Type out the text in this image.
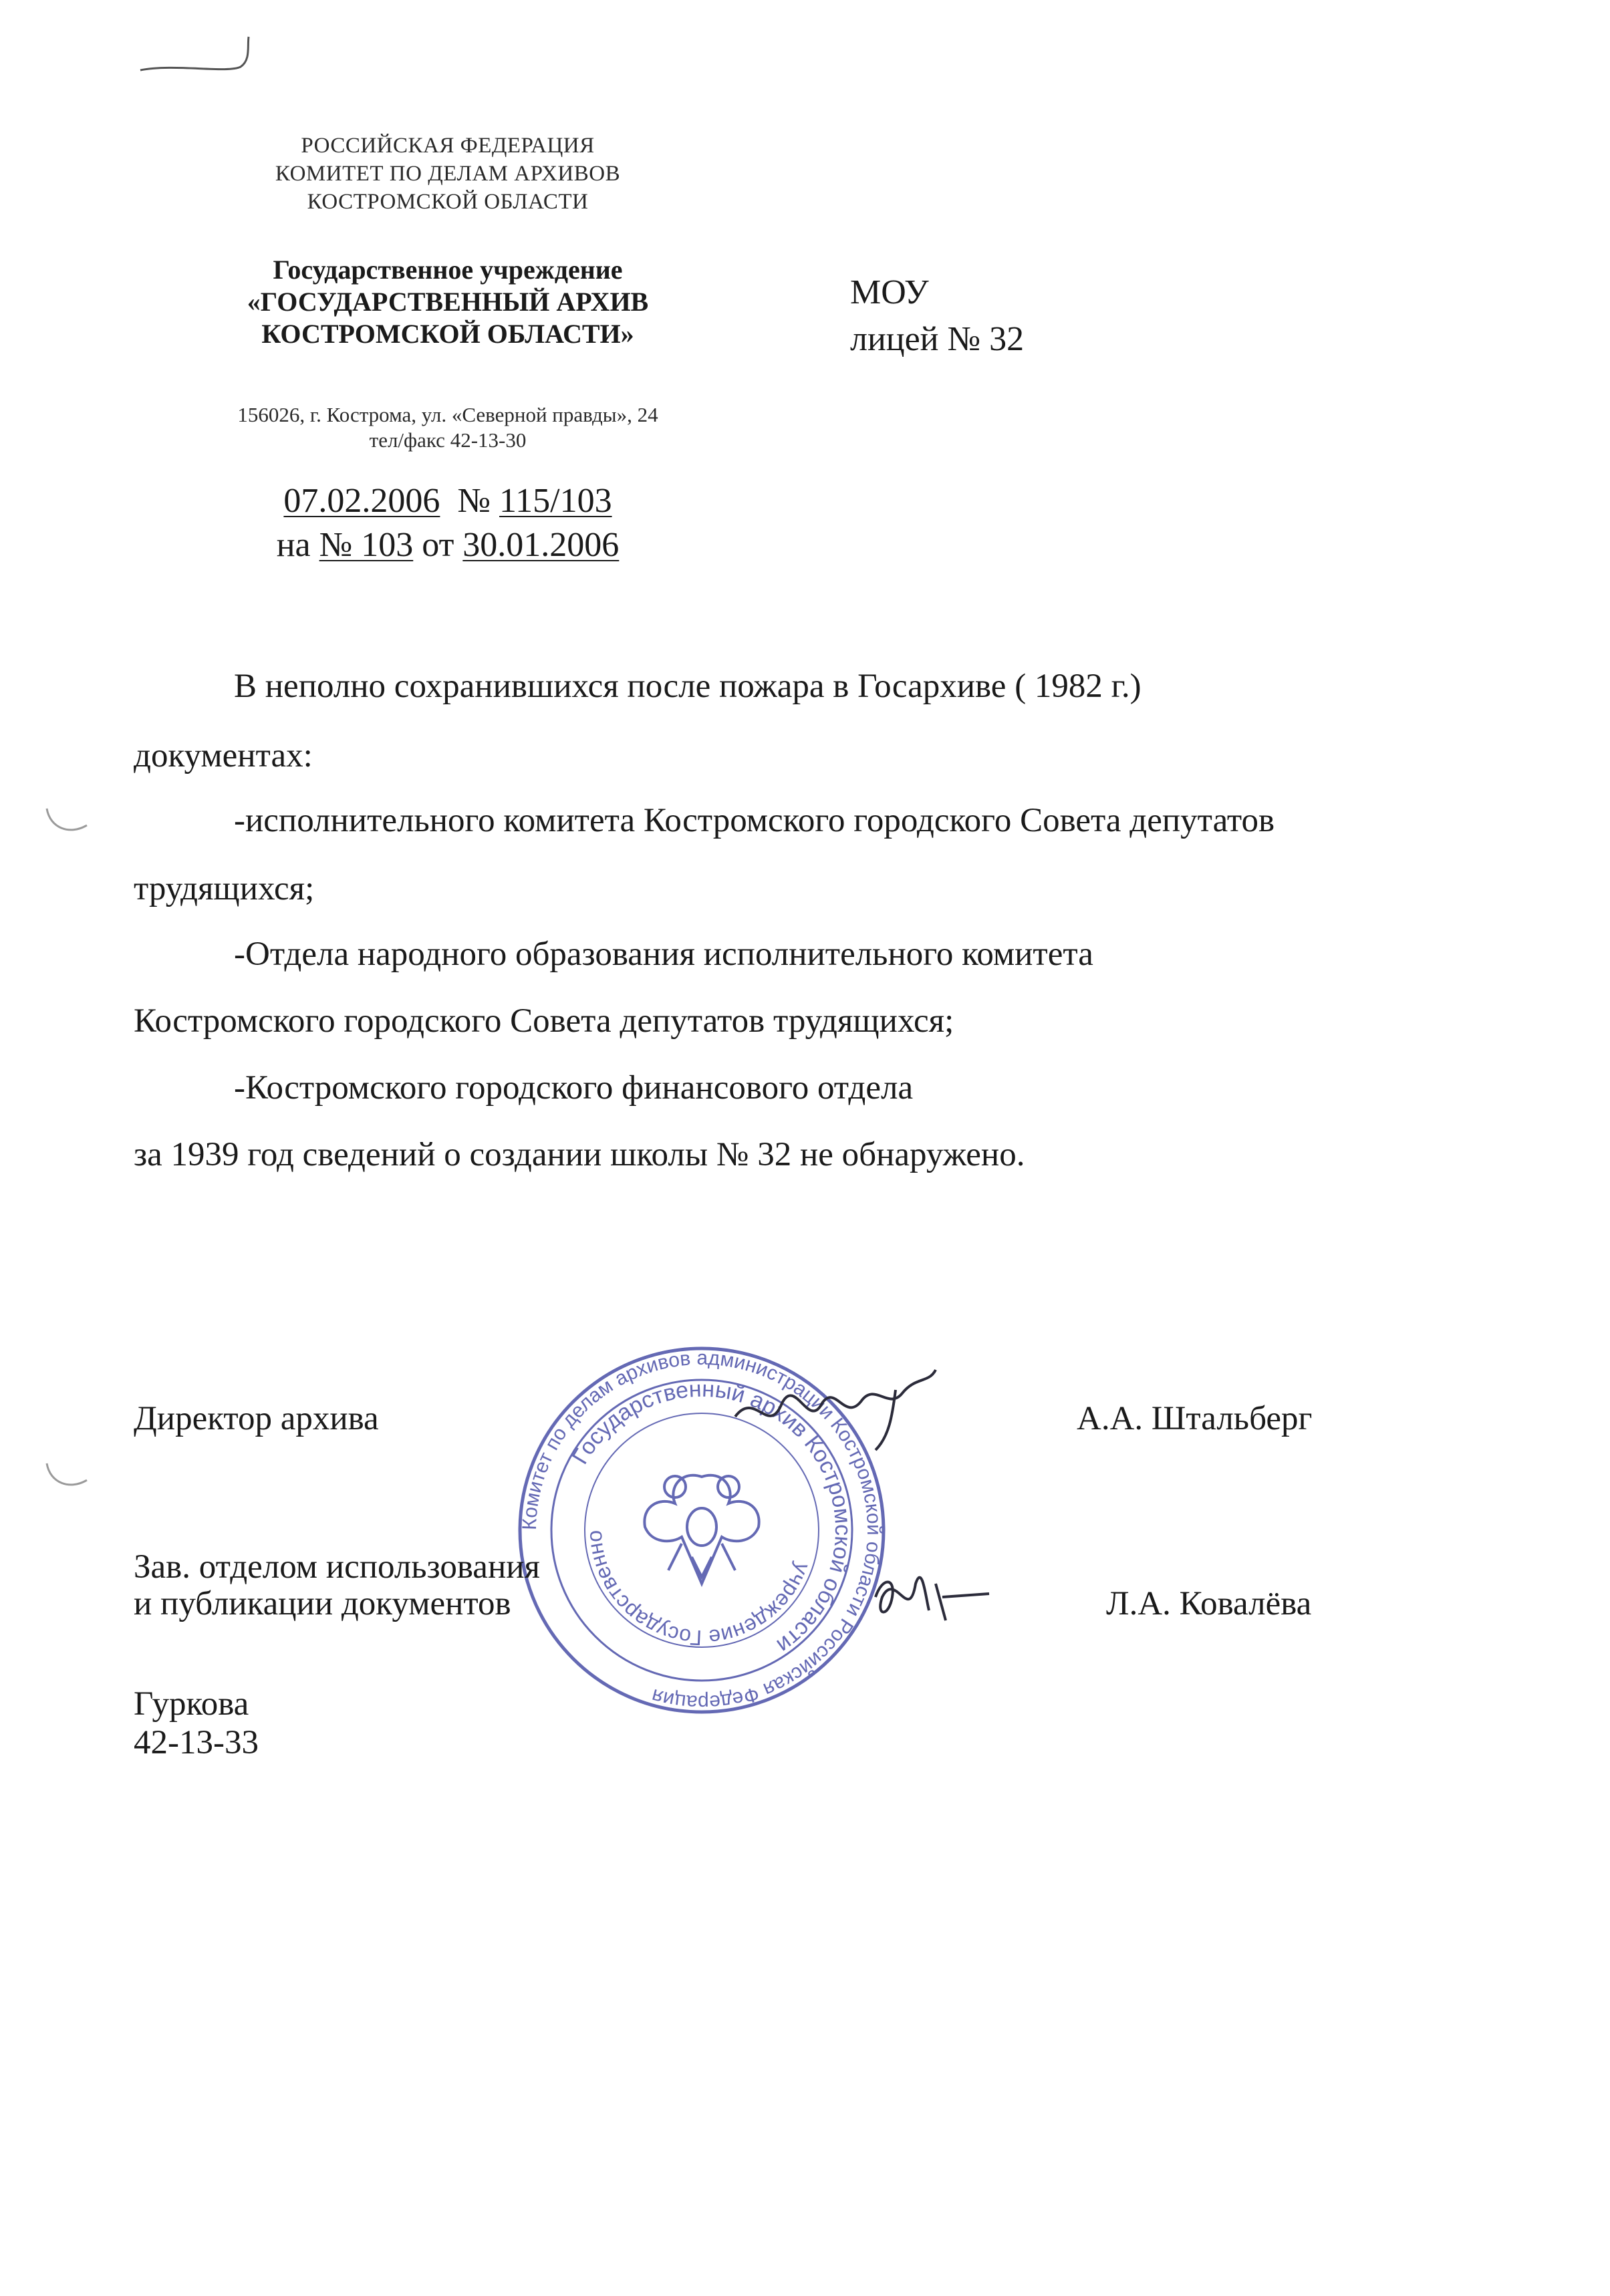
РОССИЙСКАЯ ФЕДЕРАЦИЯ
КОМИТЕТ ПО ДЕЛАМ АРХИВОВ
КОСТРОМСКОЙ ОБЛАСТИ
Государственное учреждение
«ГОСУДАРСТВЕННЫЙ АРХИВ
КОСТРОМСКОЙ ОБЛАСТИ»
156026, г. Кострома, ул. «Северной правды», 24
тел/факс 42-13-30
07.02.2006 № 115/103
на № 103 от 30.01.2006
МОУ
лицей № 32
В неполно сохранившихся после пожара в Госархиве ( 1982 г.)
документах:
-исполнительного комитета Костромского городского Совета депутатов
трудящихся;
-Отдела народного образования исполнительного комитета
Костромского городского Совета депутатов трудящихся;
-Костромского городского финансового отдела
за 1939 год сведений о создании школы № 32 не обнаружено.
Комитет по делам архивов администрации Костромской области Российская Федерация
Государственный архив Костромской области
учреждение Государственное
Директор архива	А.А. Штальберг
Зав. отделом использования
и публикации документов	Л.А. Ковалёва
Гуркова
42-13-33
